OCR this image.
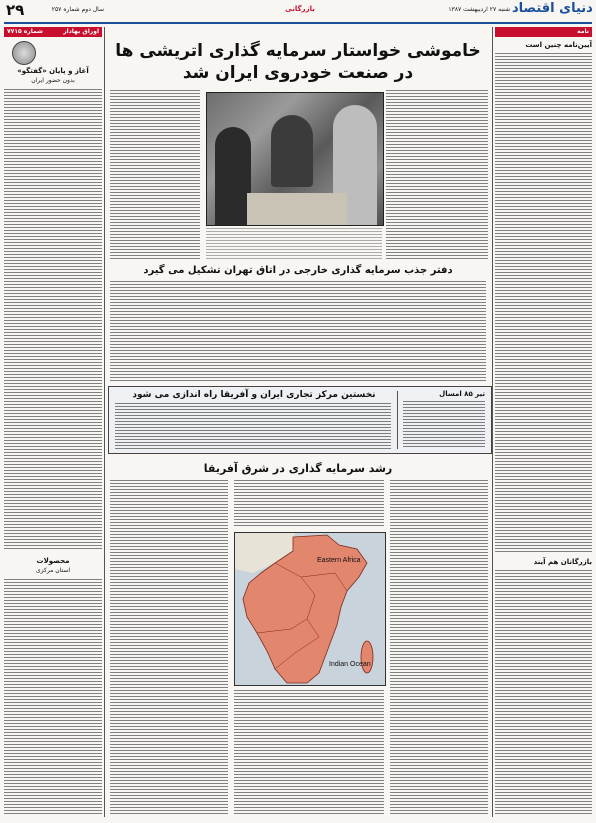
۲۹	سال دوم شماره ۲۵۷	بازرگانی	شنبه ۲۷ اردیبهشت ۱۳۸۷ دنیای اقتصاد
اوراق بهادار
شماره ۷۷۱۵
آغاز و پایان «گفتگو»
بدون حضور ایران
محصولات
استان مرکزی
نامه
آیین‌نامه چنین است
بازرگانان هم آیند
خاموشی خواستار سرمایه گذاری اتریشی ها
در صنعت خودروی ایران شد
دفتر جذب سرمایه گذاری خارجی در اتاق تهران تشکیل می گیرد
نخستین مرکز تجاری ایران و آفریقا راه اندازی می شود	تیر ۸۵ امسال
رشد سرمایه گذاری در شرق آفریقا
Eastern Africa
Indian Ocean
